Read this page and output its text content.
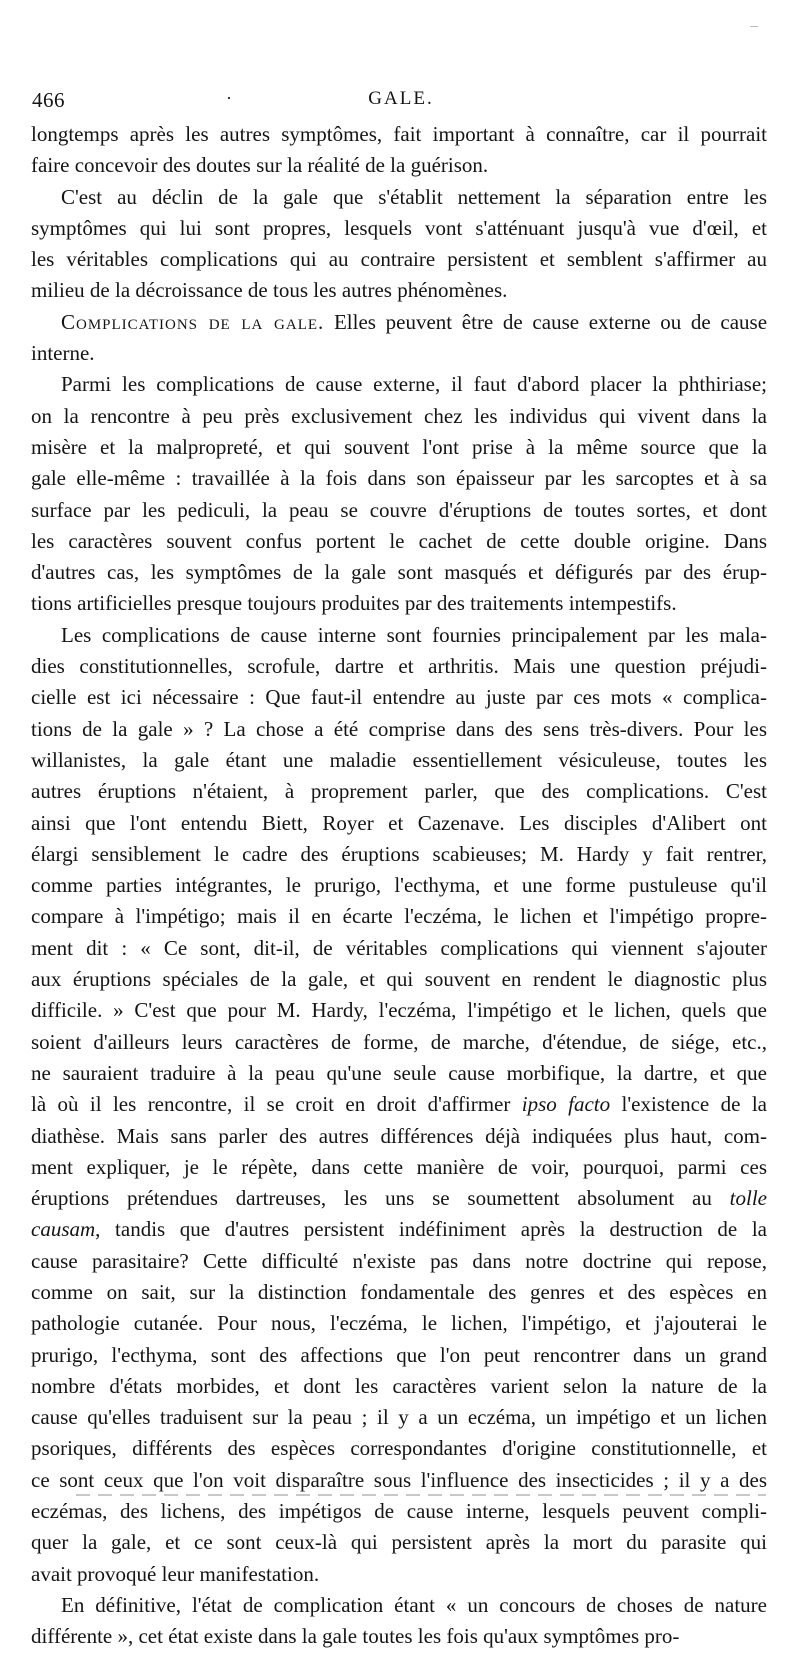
466	·	GALE.
longtemps après les autres symptômes, fait important à connaître, car il pourrait
faire concevoir des doutes sur la réalité de la guérison.
C'est au déclin de la gale que s'établit nettement la séparation entre les
symptômes qui lui sont propres, lesquels vont s'atténuant jusqu'à vue d'œil, et
les véritables complications qui au contraire persistent et semblent s'affirmer au
milieu de la décroissance de tous les autres phénomènes.
Complications de la gale. Elles peuvent être de cause externe ou de cause
interne.
Parmi les complications de cause externe, il faut d'abord placer la phthiriase;
on la rencontre à peu près exclusivement chez les individus qui vivent dans la
misère et la malpropreté, et qui souvent l'ont prise à la même source que la
gale elle-même : travaillée à la fois dans son épaisseur par les sarcoptes et à sa
surface par les pediculi, la peau se couvre d'éruptions de toutes sortes, et dont
les caractères souvent confus portent le cachet de cette double origine. Dans
d'autres cas, les symptômes de la gale sont masqués et défigurés par des érup-
tions artificielles presque toujours produites par des traitements intempestifs.
Les complications de cause interne sont fournies principalement par les mala-
dies constitutionnelles, scrofule, dartre et arthritis. Mais une question préjudi-
cielle est ici nécessaire : Que faut-il entendre au juste par ces mots « complica-
tions de la gale » ? La chose a été comprise dans des sens très-divers. Pour les
willanistes, la gale étant une maladie essentiellement vésiculeuse, toutes les
autres éruptions n'étaient, à proprement parler, que des complications. C'est
ainsi que l'ont entendu Biett, Royer et Cazenave. Les disciples d'Alibert ont
élargi sensiblement le cadre des éruptions scabieuses; M. Hardy y fait rentrer,
comme parties intégrantes, le prurigo, l'ecthyma, et une forme pustuleuse qu'il
compare à l'impétigo; mais il en écarte l'eczéma, le lichen et l'impétigo propre-
ment dit : « Ce sont, dit-il, de véritables complications qui viennent s'ajouter
aux éruptions spéciales de la gale, et qui souvent en rendent le diagnostic plus
difficile. » C'est que pour M. Hardy, l'eczéma, l'impétigo et le lichen, quels que
soient d'ailleurs leurs caractères de forme, de marche, d'étendue, de siége, etc.,
ne sauraient traduire à la peau qu'une seule cause morbifique, la dartre, et que
là où il les rencontre, il se croit en droit d'affirmer ipso facto l'existence de la
diathèse. Mais sans parler des autres différences déjà indiquées plus haut, com-
ment expliquer, je le répète, dans cette manière de voir, pourquoi, parmi ces
éruptions prétendues dartreuses, les uns se soumettent absolument au tolle
causam, tandis que d'autres persistent indéfiniment après la destruction de la
cause parasitaire? Cette difficulté n'existe pas dans notre doctrine qui repose,
comme on sait, sur la distinction fondamentale des genres et des espèces en
pathologie cutanée. Pour nous, l'eczéma, le lichen, l'impétigo, et j'ajouterai le
prurigo, l'ecthyma, sont des affections que l'on peut rencontrer dans un grand
nombre d'états morbides, et dont les caractères varient selon la nature de la
cause qu'elles traduisent sur la peau ; il y a un eczéma, un impétigo et un lichen
psoriques, différents des espèces correspondantes d'origine constitutionnelle, et
ce sont ceux que l'on voit disparaître sous l'influence des insecticides ; il y a des
eczémas, des lichens, des impétigos de cause interne, lesquels peuvent compli-
quer la gale, et ce sont ceux-là qui persistent après la mort du parasite qui
avait provoqué leur manifestation.
En définitive, l'état de complication étant « un concours de choses de nature
différente », cet état existe dans la gale toutes les fois qu'aux symptômes pro-
